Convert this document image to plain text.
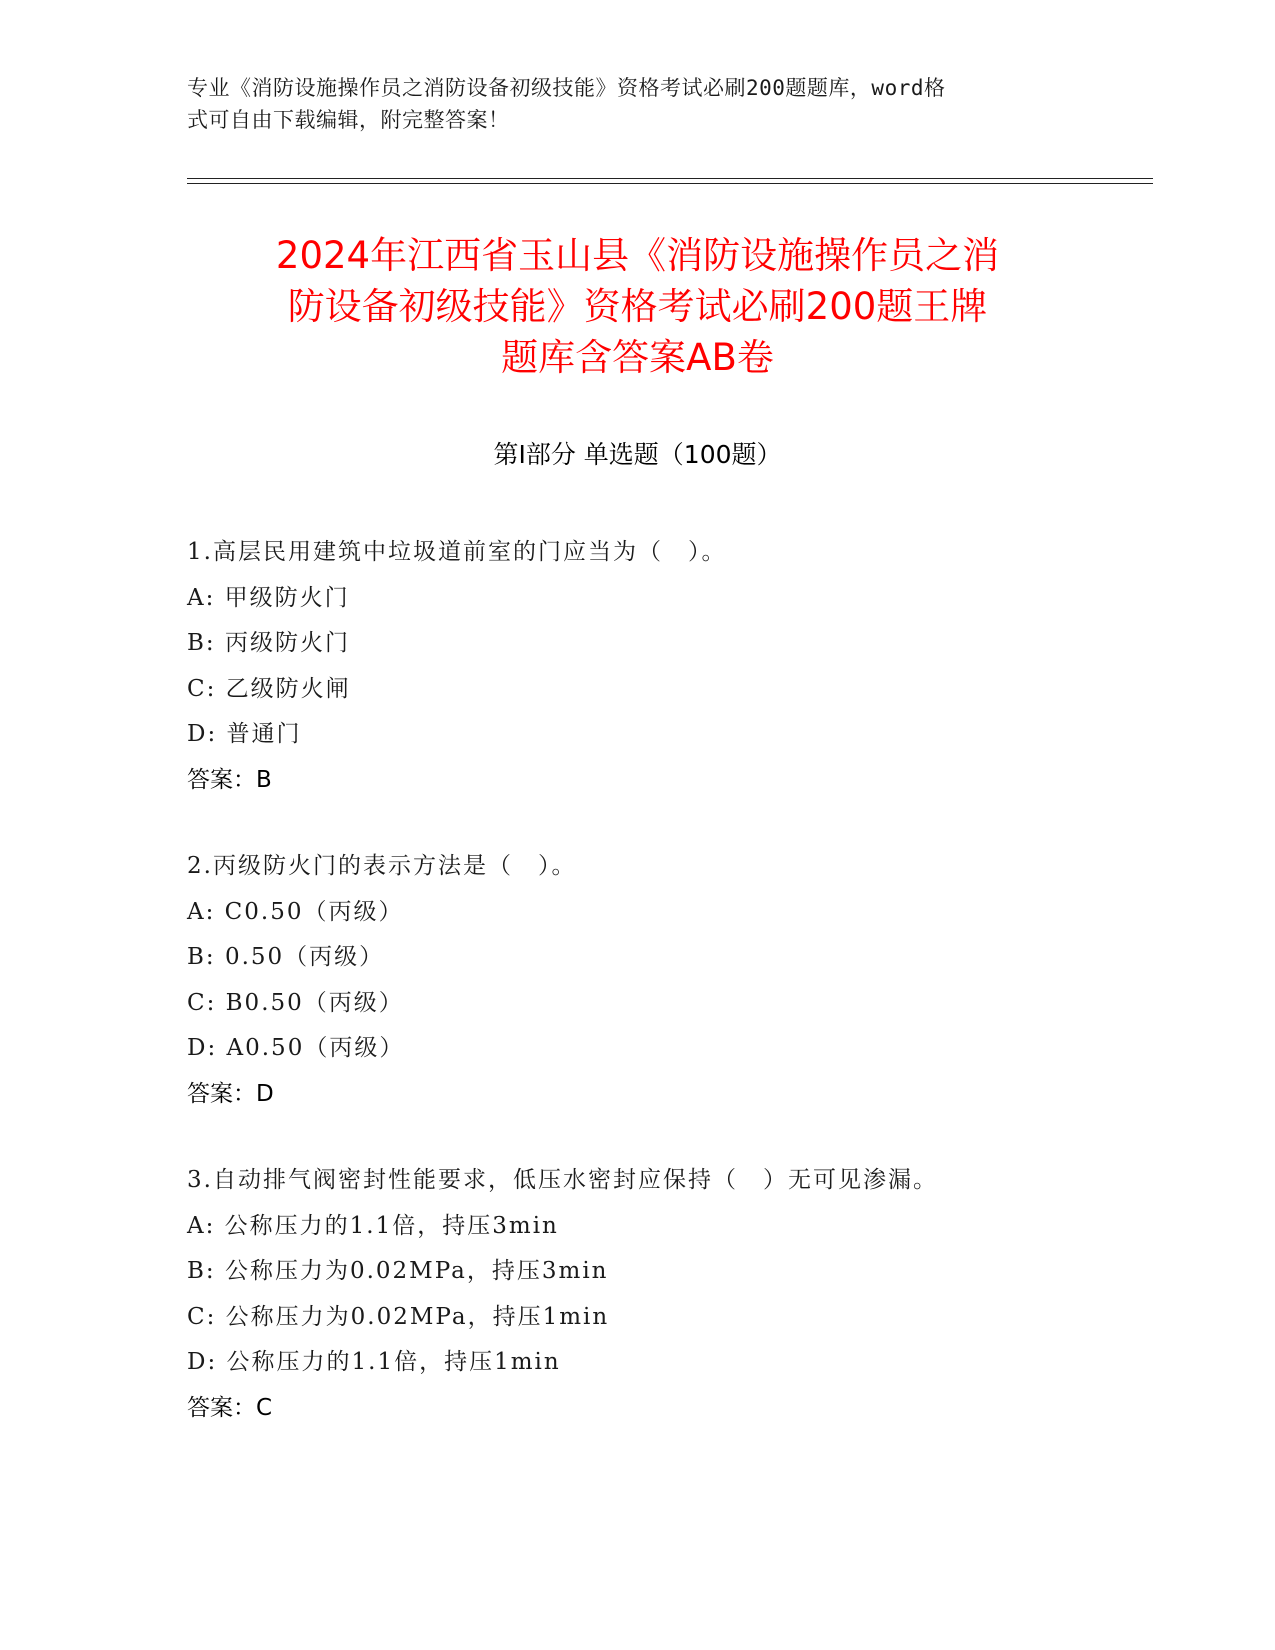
专业《消防设施操作员之消防设备初级技能》资格考试必刷200题题库，word格
式可自由下载编辑，附完整答案！
2024年江西省玉山县《消防设施操作员之消
防设备初级技能》资格考试必刷200题王牌
题库含答案AB卷
第Ⅰ部分 单选题（100题）
1.高层民用建筑中垃圾道前室的门应当为（　）。
A: 甲级防火门
B: 丙级防火门
C: 乙级防火闸
D: 普通门
答案：B
2.丙级防火门的表示方法是（　）。
A: C0.50（丙级）
B: 0.50（丙级）
C: B0.50（丙级）
D: A0.50（丙级）
答案：D
3.自动排气阀密封性能要求，低压水密封应保持（　）无可见渗漏。
A: 公称压力的1.1倍，持压3min
B: 公称压力为0.02MPa，持压3min
C: 公称压力为0.02MPa，持压1min
D: 公称压力的1.1倍，持压1min
答案：C
